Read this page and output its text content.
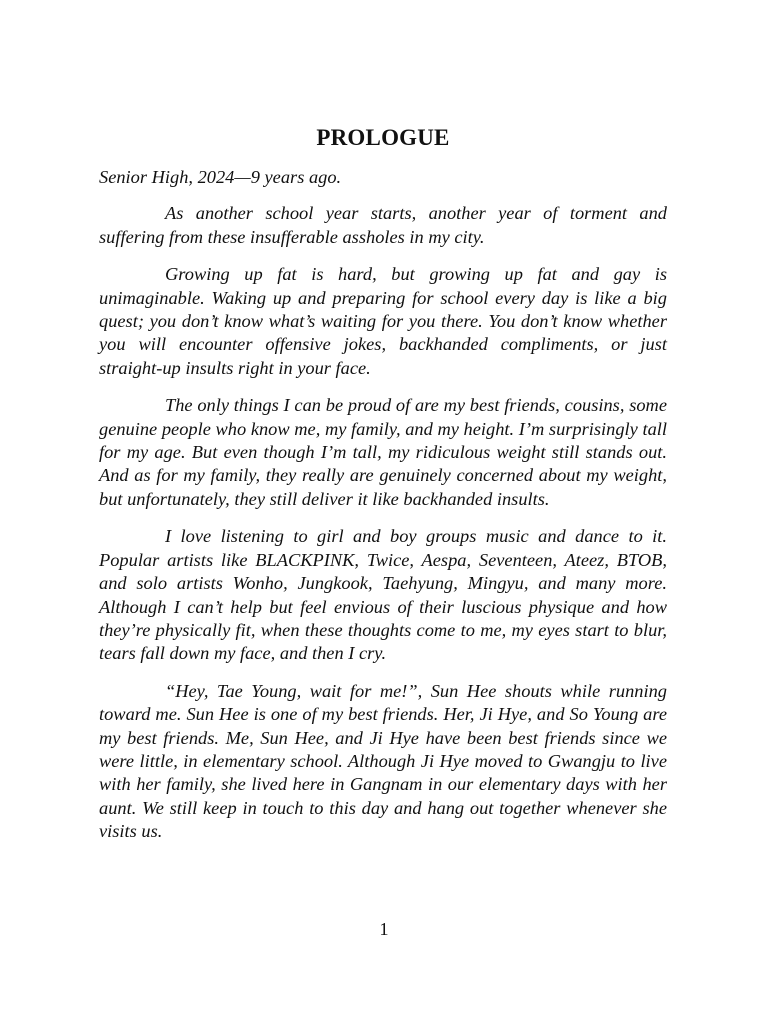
PROLOGUE

Senior High, 2024—9 years ago.

As another school year starts, another year of torment and suffering from these insufferable assholes in my city.

Growing up fat is hard, but growing up fat and gay is unimaginable. Waking up and preparing for school every day is like a big quest; you don’t know what’s waiting for you there. You don’t know whether you will encounter offensive jokes, backhanded compliments, or just straight-up insults right in your face.

The only things I can be proud of are my best friends, cousins, some genuine people who know me, my family, and my height. I’m surprisingly tall for my age. But even though I’m tall, my ridiculous weight still stands out. And as for my family, they really are genuinely concerned about my weight, but unfortunately, they still deliver it like backhanded insults.

I love listening to girl and boy groups music and dance to it. Popular artists like BLACKPINK, Twice, Aespa, Seventeen, Ateez, BTOB, and solo artists Wonho, Jungkook, Taehyung, Mingyu, and many more. Although I can’t help but feel envious of their luscious physique and how they’re physically fit, when these thoughts come to me, my eyes start to blur, tears fall down my face, and then I cry.

“Hey, Tae Young, wait for me!”, Sun Hee shouts while running toward me. Sun Hee is one of my best friends. Her, Ji Hye, and So Young are my best friends. Me, Sun Hee, and Ji Hye have been best friends since we were little, in elementary school. Although Ji Hye moved to Gwangju to live with her family, she lived here in Gangnam in our elementary days with her aunt. We still keep in touch to this day and hang out together whenever she visits us.

1
